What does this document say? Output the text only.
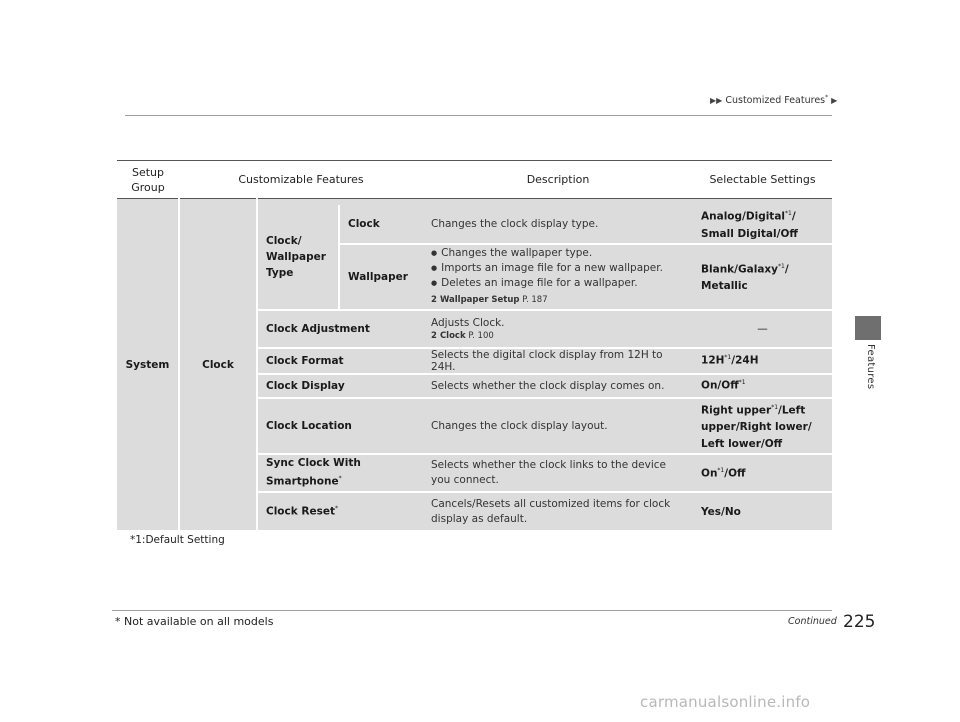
▶▶ Customized Features* ▶
Features
Setup Group	Customizable Features			Description	Selectable Settings
System	Clock				
		Clock/ Wallpaper Type	Clock	Changes the clock display type.	Analog/Digital$^{*1}$/
Small Digital/Off
			Wallpaper	● Changes the wallpaper type.
● Imports an image file for a new wallpaper.
● Deletes an image file for a wallpaper.
2 Wallpaper Setup P. 187	Blank/Galaxy$^{*1}$/
Metallic
		Clock Adjustment		Adjusts Clock.
2 Clock P. 100	—
		Clock Format		Selects the digital clock display from 12H to 24H.	$12H^{*1}/24H$
		Clock Display		Selects whether the clock display comes on.	On/Off$^{*1}$
		Clock Location		Changes the clock display layout.	Right upper$^{*1}$/Left upper/Right lower/
Left lower/Off
		Sync Clock With
Smartphone*		Selects whether the clock links to the device you connect.	On$^{*1}$/Off
		Clock Reset*		Cancels/Resets all customized items for clock display as default.	Yes/No
*1:Default Setting
* Not available on all models	Continued 225
carmanualsonline.info
